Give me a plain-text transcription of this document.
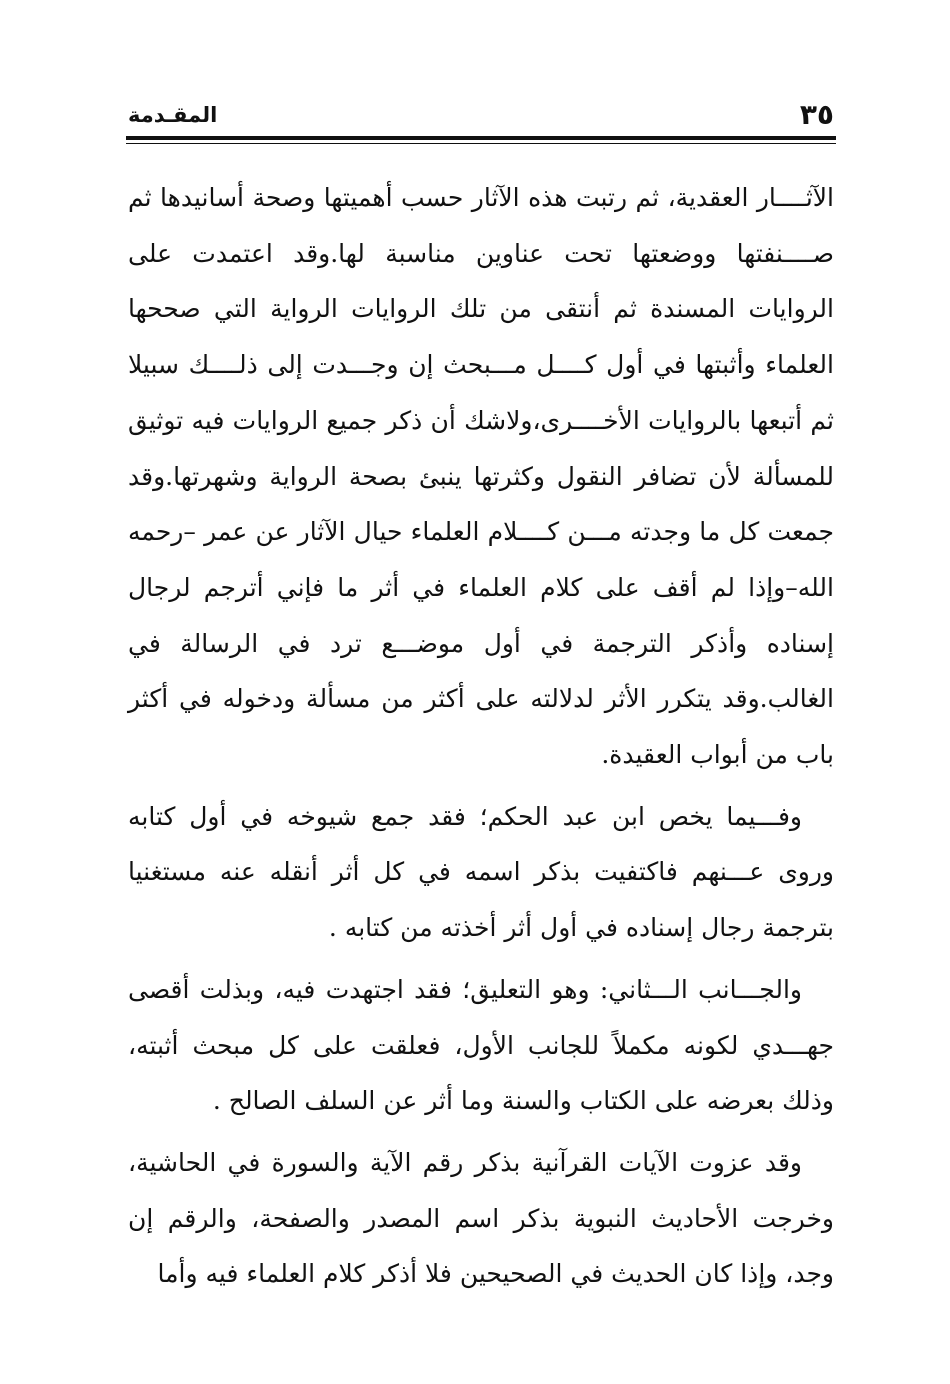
٣٥
المقـدمة

الآثــــار العقدية، ثم رتبت هذه الآثار حسب أهميتها وصحة أسانيدها ثم صــــنفتها ووضعتها تحت عناوين مناسبة لها.وقد اعتمدت على الروايات المسندة ثم أنتقى من تلك الروايات الرواية التي صححها العلماء وأثبتها في أول كــــل مـــبحث إن وجـــدت إلى ذلــــك سبيلا ثم أتبعها بالروايات الأخــــرى،ولاشك أن ذكر جميع الروايات فيه توثيق للمسألة لأن تضافر النقول وكثرتها ينبئ بصحة الرواية وشهرتها.وقد جمعت كل ما وجدته مـــن كــــلام العلماء حيال الآثار عن عمر –رحمه الله–وإذا لم أقف على كلام العلماء في أثر ما فإني أترجم لرجال إسناده وأذكر الترجمة في أول موضـــع ترد في الرسالة في الغالب.وقد يتكرر الأثر لدلالته على أكثر من مسألة ودخوله في أكثر باب من أبواب العقيدة.

وفـــيما يخص ابن عبد الحكم؛ فقد جمع شيوخه في أول كتابه وروى عـــنهم فاكتفيت بذكر اسمه في كل أثر أنقله عنه مستغنيا بترجمة رجال إسناده في أول أثر أخذته من كتابه .

والجـــانب الـــثاني: وهو التعليق؛ فقد اجتهدت فيه، وبذلت أقصى جهـــدي لكونه مكملاً للجانب الأول، فعلقت على كل مبحث أثبته، وذلك بعرضه على الكتاب والسنة وما أثر عن السلف الصالح .

وقد عزوت الآيات القرآنية بذكر رقم الآية والسورة في الحاشية، وخرجت الأحاديث النبوية بذكر اسم المصدر والصفحة، والرقم إن وجد، وإذا كان الحديث في الصحيحين فلا أذكر كلام العلماء فيه وأما
